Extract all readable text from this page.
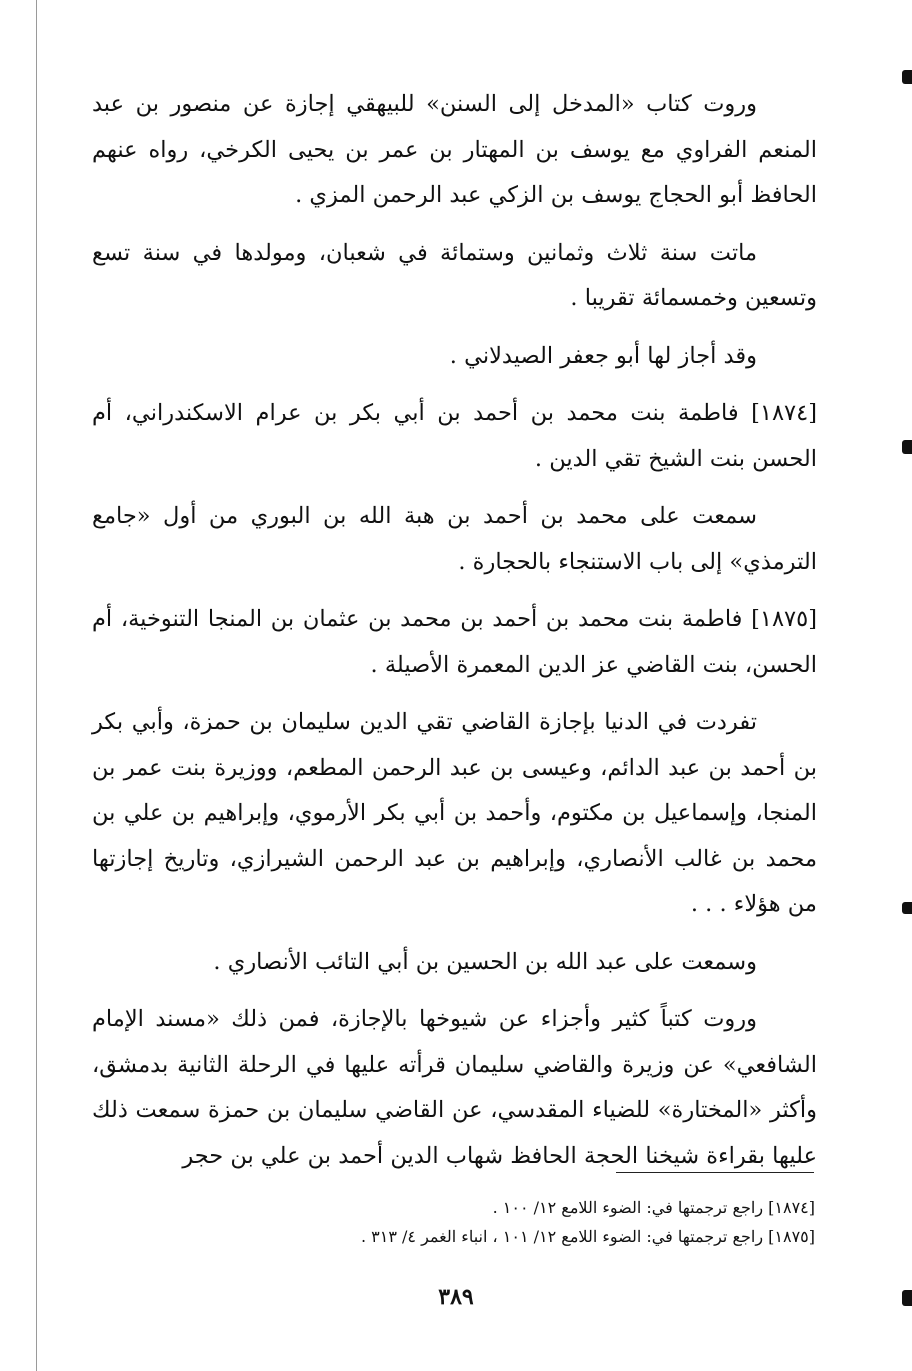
وروت كتاب «المدخل إلى السنن» للبيهقي إجازة عن منصور بن عبد المنعم الفراوي مع يوسف بن المهتار بن عمر بن يحيى الكرخي، رواه عنهم الحافظ أبو الحجاج يوسف بن الزكي عبد الرحمن المزي .

ماتت سنة ثلاث وثمانين وستمائة في شعبان، ومولدها في سنة تسع وتسعين وخمسمائة تقريبا .

وقد أجاز لها أبو جعفر الصيدلاني .

[١٨٧٤] فاطمة بنت محمد بن أحمد بن أبي بكر بن عرام الاسكندراني، أم الحسن بنت الشيخ تقي الدين .

سمعت على محمد بن أحمد بن هبة الله بن البوري من أول «جامع الترمذي» إلى باب الاستنجاء بالحجارة .

[١٨٧٥] فاطمة بنت محمد بن أحمد بن محمد بن عثمان بن المنجا التنوخية، أم الحسن، بنت القاضي عز الدين المعمرة الأصيلة .

تفردت في الدنيا بإجازة القاضي تقي الدين سليمان بن حمزة، وأبي بكر بن أحمد بن عبد الدائم، وعيسى بن عبد الرحمن المطعم، ووزيرة بنت عمر بن المنجا، وإسماعيل بن مكتوم، وأحمد بن أبي بكر الأرموي، وإبراهيم بن علي بن محمد بن غالب الأنصاري، وإبراهيم بن عبد الرحمن الشيرازي، وتاريخ إجازتها من هؤلاء . . .

وسمعت على عبد الله بن الحسين بن أبي التائب الأنصاري .

وروت كتباً كثير وأجزاء عن شيوخها بالإجازة، فمن ذلك «مسند الإمام الشافعي» عن وزيرة والقاضي سليمان قرأته عليها في الرحلة الثانية بدمشق، وأكثر «المختارة» للضياء المقدسي، عن القاضي سليمان بن حمزة سمعت ذلك عليها بقراءة شيخنا الحجة الحافظ شهاب الدين أحمد بن علي بن حجر

[١٨٧٤] راجع ترجمتها في: الضوء اللامع ١٢/ ١٠٠ .

[١٨٧٥] راجع ترجمتها في: الضوء اللامع ١٢/ ١٠١ ، انباء الغمر ٤/ ٣١٣ .

٣٨٩
